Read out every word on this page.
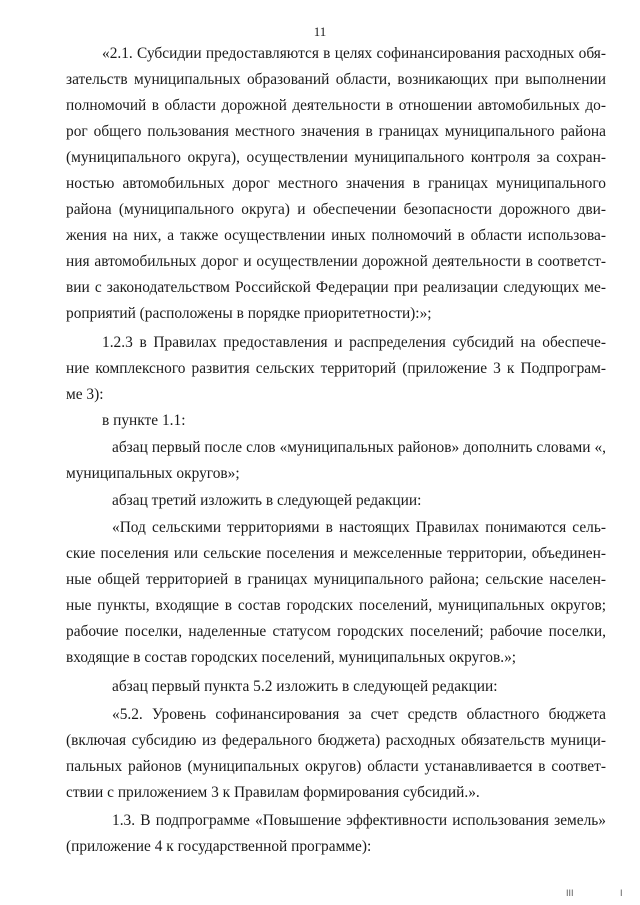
11
«2.1. Субсидии предоставляются в целях софинансирования расходных обя-
зательств муниципальных образований области, возникающих при выполнении
полномочий в области дорожной деятельности в отношении автомобильных до-
рог общего пользования местного значения в границах муниципального района
(муниципального округа), осуществлении муниципального контроля за сохран-
ностью автомобильных дорог местного значения в границах муниципального
района (муниципального округа) и обеспечении безопасности дорожного дви-
жения на них, а также осуществлении иных полномочий в области использова-
ния автомобильных дорог и осуществлении дорожной деятельности в соответст-
вии с законодательством Российской Федерации при реализации следующих ме-
роприятий (расположены в порядке приоритетности):»;
1.2.3 в Правилах предоставления и распределения субсидий на обеспече-
ние комплексного развития сельских территорий (приложение 3 к Подпрограм-
ме 3):
в пункте 1.1:
абзац первый после слов «муниципальных районов» дополнить словами «,
муниципальных округов»;
абзац третий изложить в следующей редакции:
«Под сельскими территориями в настоящих Правилах понимаются сель-
ские поселения или сельские поселения и межселенные территории, объединен-
ные общей территорией в границах муниципального района; сельские населен-
ные пункты, входящие в состав городских поселений, муниципальных округов;
рабочие поселки, наделенные статусом городских поселений; рабочие поселки,
входящие в состав городских поселений, муниципальных округов.»;
абзац первый пункта 5.2 изложить в следующей редакции:
«5.2. Уровень софинансирования за счет средств областного бюджета
(включая субсидию из федерального бюджета) расходных обязательств муници-
пальных районов (муниципальных округов) области устанавливается в соответ-
ствии с приложением 3 к Правилам формирования субсидий.».
1.3. В подпрограмме «Повышение эффективности использования земель»
(приложение 4 к государственной программе):
III	I
